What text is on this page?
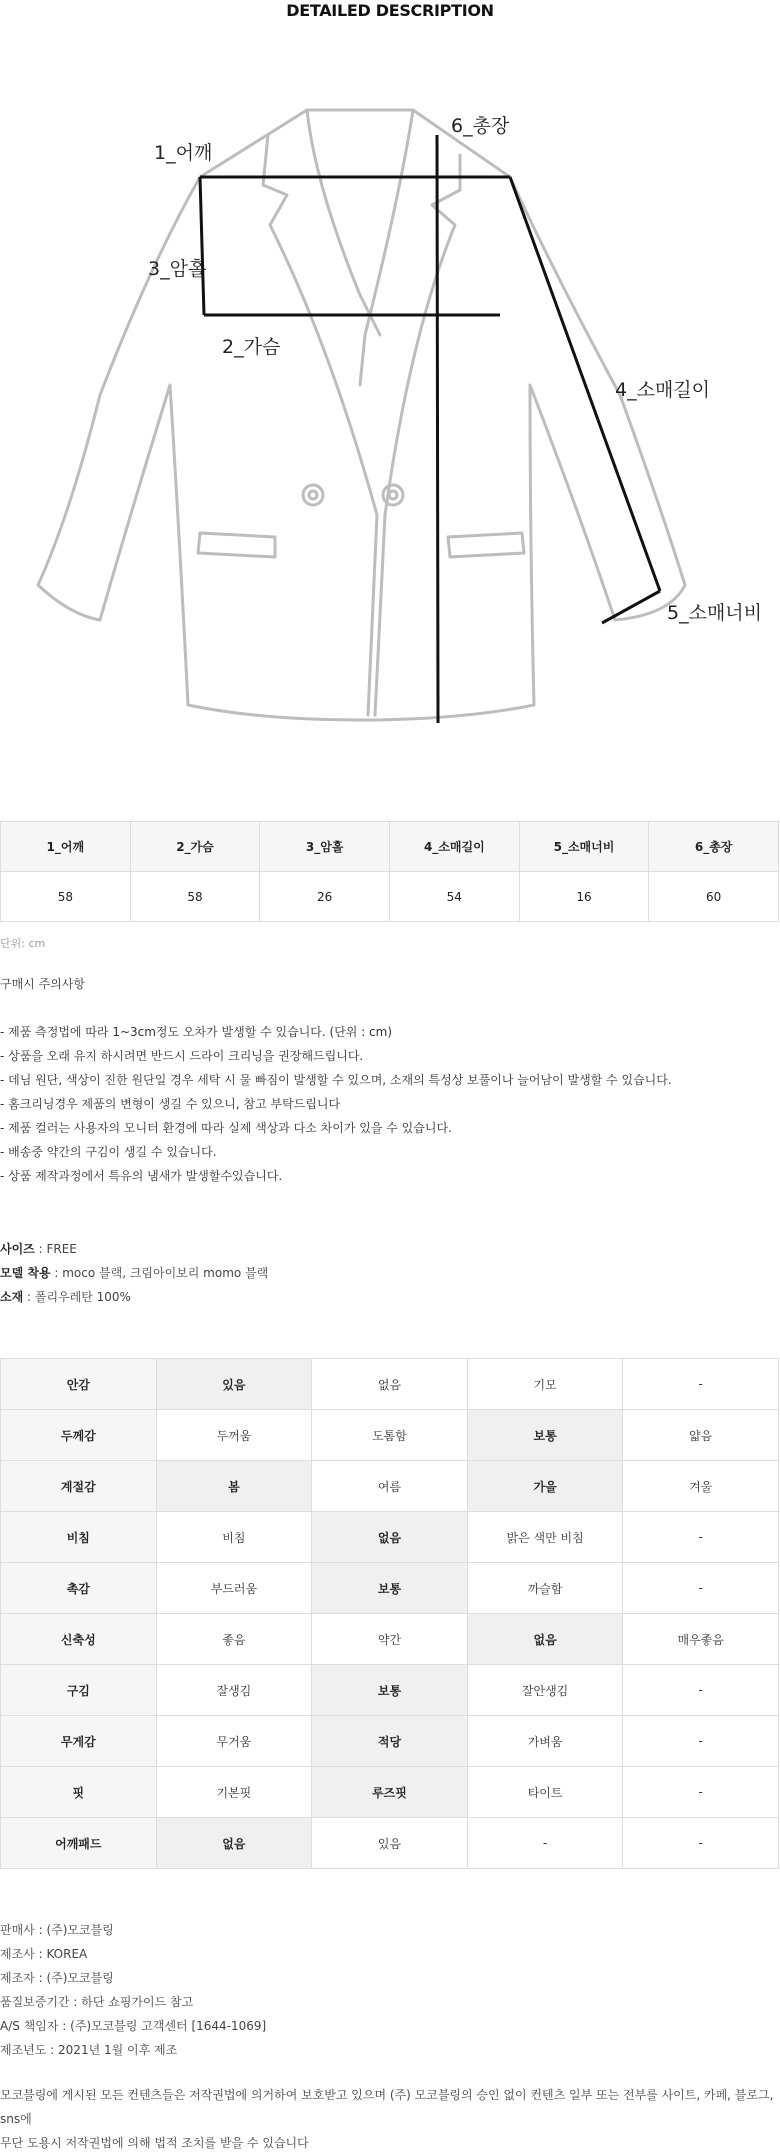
DETAILED DESCRIPTION
1_어깨
2_가슴
3_암홀
4_소매길이
5_소매너비
6_총장
1_어깨	2_가슴	3_암홀	4_소매길이	5_소매너비	6_총장
58	58	26	54	16	60
단위: cm
구매시 주의사항
- 제품 측정법에 따라 1~3cm정도 오차가 발생할 수 있습니다. (단위 : cm)
- 상품을 오래 유지 하시려면 반드시 드라이 크리닝을 권장해드립니다.
- 데님 원단, 색상이 진한 원단일 경우 세탁 시 물 빠짐이 발생할 수 있으며, 소재의 특성상 보풀이나 늘어남이 발생할 수 있습니다.
- 홈크리닝경우 제품의 변형이 생길 수 있으니, 참고 부탁드립니다
- 제품 컬러는 사용자의 모니터 환경에 따라 실제 색상과 다소 차이가 있을 수 있습니다.
- 배송중 약간의 구김이 생길 수 있습니다.
- 상품 제작과정에서 특유의 냄새가 발생할수있습니다.
사이즈 : FREE
모델 착용 : moco 블랙, 크림아이보리 momo 블랙
소재 : 폴리우레탄 100%
안감	있음	없음	기모	-
두께감	두꺼움	도톰함	보통	얇음
계절감	봄	여름	가을	겨울
비침	비침	없음	밝은 색만 비침	-
촉감	부드러움	보통	까슬함	-
신축성	좋음	약간	없음	매우좋음
구김	잘생김	보통	잘안생김	-
무게감	무거움	적당	가벼움	-
핏	기본핏	루즈핏	타이트	-
어깨패드	없음	있음	-	-
판매사 : (주)모코블링
제조사 : KOREA
제조자 : (주)모코블링
품질보증기간 : 하단 쇼핑가이드 참고
A/S 책임자 : (주)모코블링 고객센터 [1644-1069]
제조년도 : 2021년 1월 이후 제조
모코블링에 게시된 모든 컨텐츠들은 저작권법에 의거하여 보호받고 있으며 (주) 모코블링의 승인 없이 컨텐츠 일부 또는 전부를 사이트, 카페, 블로그, sns에
무단 도용시 저작권법에 의해 법적 조치를 받을 수 있습니다
